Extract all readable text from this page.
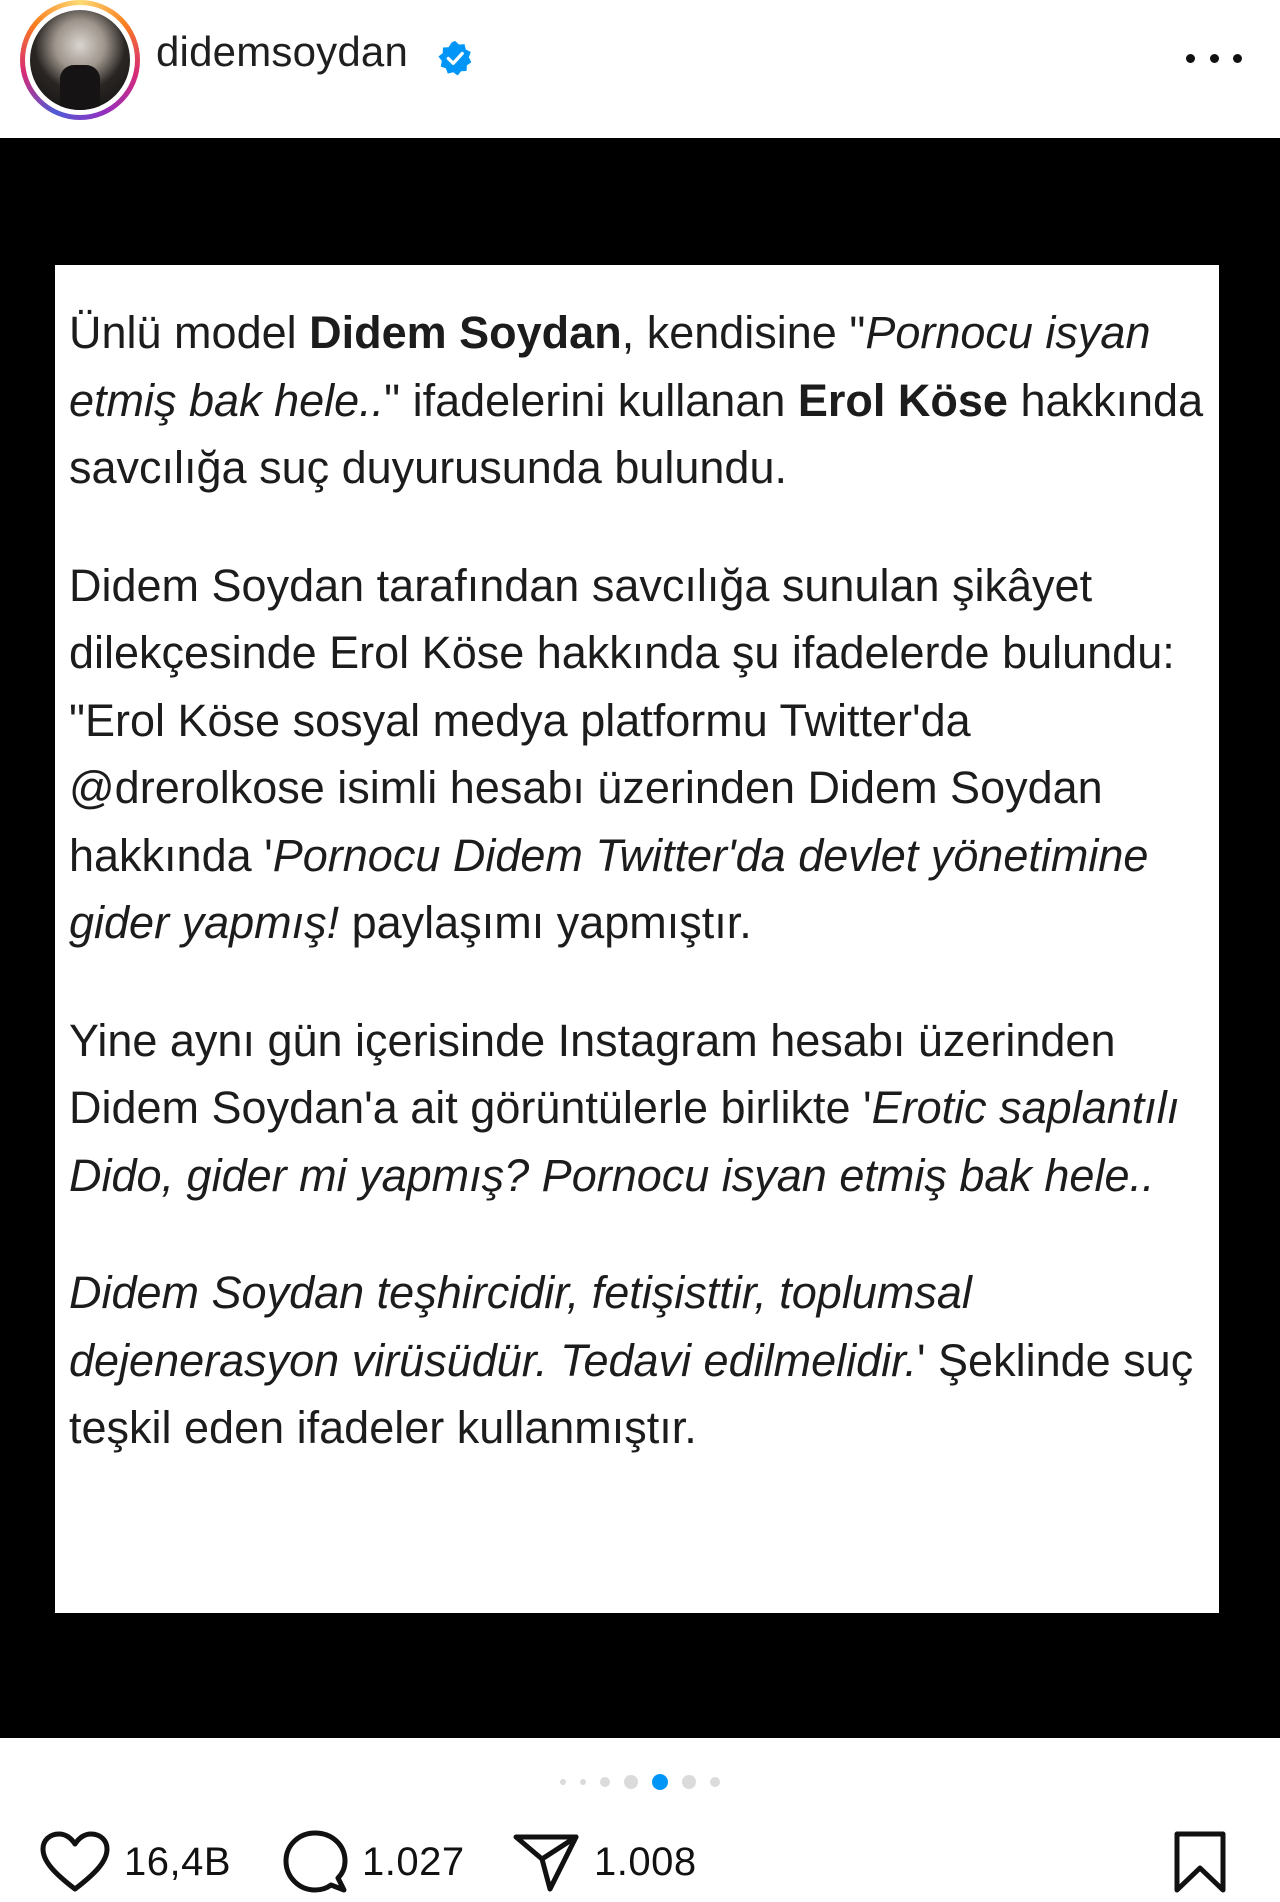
didemsoydan

Ünlü model Didem Soydan, kendisine "Pornocu isyan etmiş bak hele.." ifadelerini kullanan Erol Köse hakkında savcılığa suç duyurusunda bulundu.

Didem Soydan tarafından savcılığa sunulan şikâyet dilekçesinde Erol Köse hakkında şu ifadelerde bulundu: "Erol Köse sosyal medya platformu Twitter'da @drerolkose isimli hesabı üzerinden Didem Soydan hakkında 'Pornocu Didem Twitter'da devlet yönetimine gider yapmış! paylaşımı yapmıştır.

Yine aynı gün içerisinde Instagram hesabı üzerinden Didem Soydan'a ait görüntülerle birlikte 'Erotic saplantılı Dido, gider mi yapmış? Pornocu isyan etmiş bak hele..

Didem Soydan teşhircidir, fetişisttir, toplumsal dejenerasyon virüsüdür. Tedavi edilmelidir.' Şeklinde suç teşkil eden ifadeler kullanmıştır.

16,4B	1.027	1.008
